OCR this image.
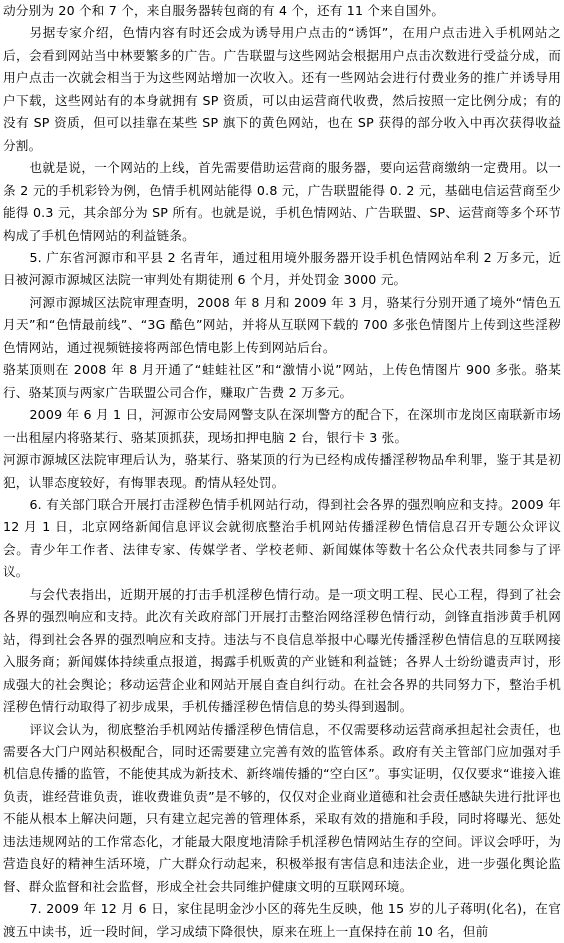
动分别为 20 个和 7 个，来自服务器转包商的有 4 个，还有 11 个来自国外。

另据专家介绍，色情内容有时还会成为诱导用户点击的“诱饵”，在用户点击进入手机网站之后，会看到网站当中林要繁多的广告。广告联盟与这些网站会根据用户点击次数进行受益分成，而用户点击一次就会相当于为这些网站增加一次收入。还有一些网站会进行付费业务的推广并诱导用户下载，这些网站有的本身就拥有 SP 资质，可以由运营商代收费，然后按照一定比例分成；有的没有 SP 资质，但可以挂靠在某些 SP 旗下的黄色网站，也在 SP 获得的部分收入中再次获得收益分割。

也就是说，一个网站的上线，首先需要借助运营商的服务器，要向运营商缴纳一定费用。以一条 2 元的手机彩铃为例，色情手机网站能得 0.8 元，广告联盟能得 0. 2 元，基础电信运营商至少能得 0.3 元，其余部分为 SP 所有。也就是说，手机色情网站、广告联盟、SP、运营商等多个环节构成了手机色情网站的利益链条。

5. 广东省河源市和平县 2 名青年，通过租用境外服务器开设手机色情网站牟利 2 万多元，近日被河源市源城区法院一审判处有期徒刑 6 个月，并处罚金 3000 元。

河源市源城区法院审理查明，2008 年 8 月和 2009 年 3 月，骆某行分别开通了境外“情色五月天”和“色情最前线”、“3G 酷色”网站，并将从互联网下载的 700 多张色情图片上传到这些淫秽色情网站，通过视频链接将两部色情电影上传到网站后台。

骆某顶则在 2008 年 8 月开通了“蛙蛙社区”和“激情小说”网站，上传色情图片 900 多张。骆某行、骆某顶与两家广告联盟公司合作，赚取广告费 2 万多元。

2009 年 6 月 1 日，河源市公安局网警支队在深圳警方的配合下，在深圳市龙岗区南联新市场一出租屋内将骆某行、骆某顶抓获，现场扣押电脑 2 台，银行卡 3 张。

河源市源城区法院审理后认为，骆某行、骆某顶的行为已经构成传播淫秽物品牟利罪，鉴于其是初犯，认罪态度较好，有悔罪表现。酌情从轻处罚。

6. 有关部门联合开展打击淫秽色情手机网站行动，得到社会各界的强烈响应和支持。2009 年 12 月 1 日，北京网络新闻信息评议会就彻底整治手机网站传播淫秽色情信息召开专题公众评议会。青少年工作者、法律专家、传媒学者、学校老师、新闻媒体等数十名公众代表共同参与了评议。

与会代表指出，近期开展的打击手机淫秽色情行动。是一项文明工程、民心工程，得到了社会各界的强烈响应和支持。此次有关政府部门开展打击整治网络淫秽色情行动，剑锋直指涉黄手机网站，得到社会各界的强烈响应和支持。违法与不良信息举报中心曝光传播淫秽色情信息的互联网接入服务商；新闻媒体持续重点报道，揭露手机贩黄的产业链和利益链；各界人士纷纷谴责声讨，形成强大的社会舆论；移动运营企业和网站开展自查自纠行动。在社会各界的共同努力下，整治手机淫秽色情行动取得了初步成果，手机传播淫秽色情信息的势头得到遏制。

评议会认为，彻底整治手机网站传播淫秽色情信息，不仅需要移动运营商承担起社会责任，也需要各大门户网站积极配合，同时还需要建立完善有效的监管体系。政府有关主管部门应加强对手机信息传播的监管，不能使其成为新技术、新终端传播的“空白区”。事实证明，仅仅要求“谁接入谁负责，谁经营谁负责，谁收费谁负责”是不够的，仅仅对企业商业道德和社会责任感缺失进行批评也不能从根本上解决问题，只有建立起完善的管理体系，采取有效的措施和手段，同时将曝光、惩处违法违规网站的工作常态化，才能最大限度地清除手机淫秽色情网站生存的空间。评议会呼吁，为营造良好的精神生活环境，广大群众行动起来，积极举报有害信息和违法企业，进一步强化舆论监督、群众监督和社会监督，形成全社会共同维护健康文明的互联网环境。

7. 2009 年 12 月 6 日，家住昆明金沙小区的蒋先生反映，他 15 岁的儿子蒋明(化名)，在官渡五中读书，近一段时间，学习成绩下降很快，原来在班上一直保持在前 10 名，但前
